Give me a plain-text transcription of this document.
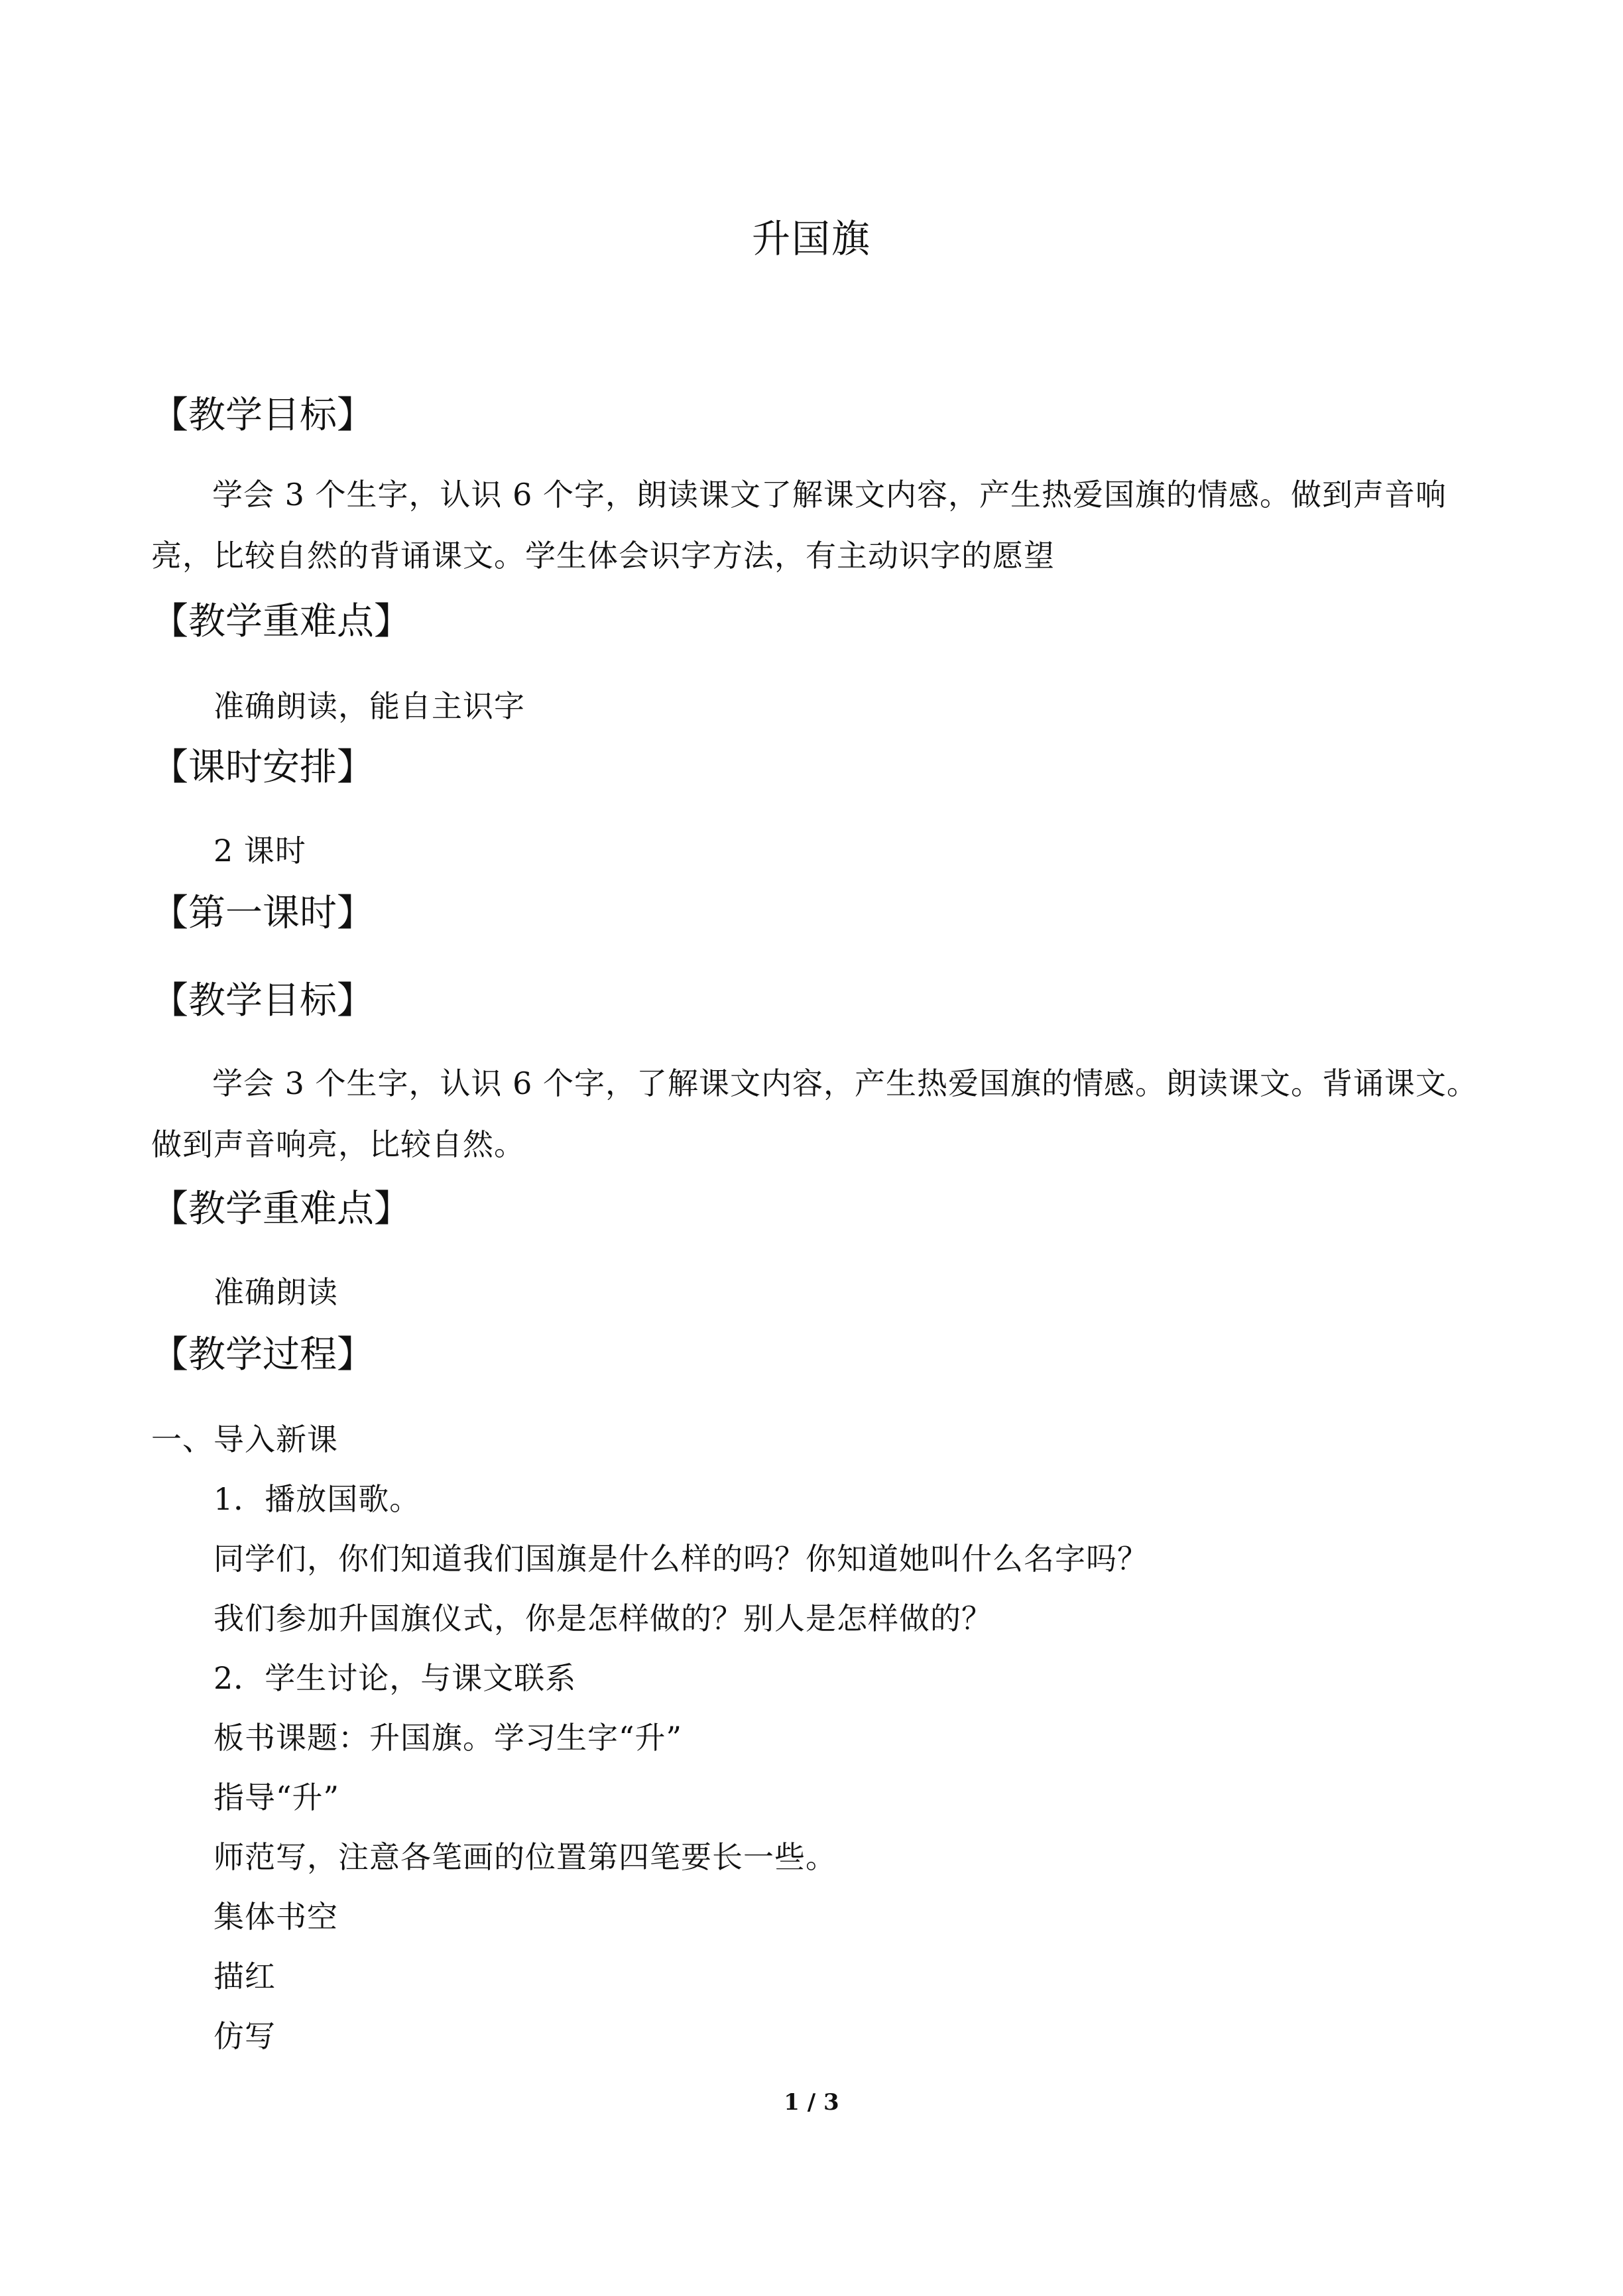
升国旗
【教学目标】
学会 3 个生字，认识 6 个字，朗读课文了解课文内容，产生热爱国旗的情感。做到声音响亮，比较自然的背诵课文。学生体会识字方法，有主动识字的愿望
【教学重难点】
准确朗读，能自主识字
【课时安排】
2 课时
【第一课时】
【教学目标】
学会 3 个生字，认识 6 个字，了解课文内容，产生热爱国旗的情感。朗读课文。背诵课文。做到声音响亮，比较自然。
【教学重难点】
准确朗读
【教学过程】
一、导入新课
1．播放国歌。
同学们，你们知道我们国旗是什么样的吗？你知道她叫什么名字吗？
我们参加升国旗仪式，你是怎样做的？别人是怎样做的？
2．学生讨论，与课文联系
板书课题：升国旗。学习生字“升”
指导“升”
师范写，注意各笔画的位置第四笔要长一些。
集体书空
描红
仿写
1 / 3
